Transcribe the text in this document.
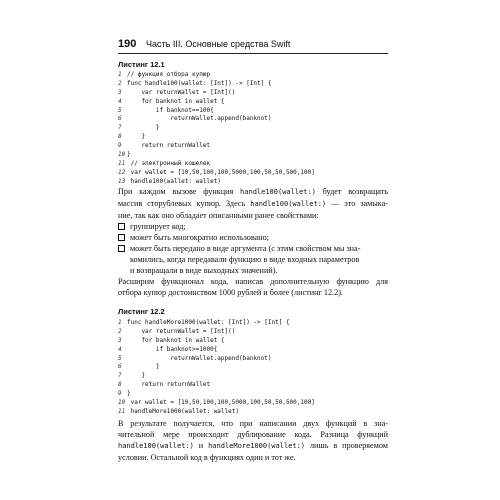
190 Часть III. Основные средства Swift
Листинг 12.1
1 // функция отбора купюр
2 func handle100(wallet: [Int]) -> [Int] {
3    var returnWallet = [Int]()
4    for banknot in wallet {
5        if banknot==100{
6            returnWallet.append(banknot)
7        }
8    }
9    return returnWallet
10 }
11 // электронный кошелек
12 var wallet = [10,50,100,100,5000,100,50,50,500,100]
13 handle100(wallet: wallet)
При каждом вызове функция handle100(wallet:) будет возвращать
массив сторублевых купюр. Здесь handle100(wallet:) — это замыка-
ние, так как оно обладает описанными ранее свойствами:
группирует код;
может быть многократно использовано;
может быть передано в виде аргумента (с этим свойством мы зна-
комились, когда передавали функцию в виде входных параметров
и возвращали в виде выходных значений).
Расширим функционал кода, написав дополнительную функцию для
отбора купюр достоинством 1000 рублей и более (листинг 12.2).
Листинг 12.2
1 func handleMore1000(wallet: [Int]) -> [Int] {
2    var returnWallet = [Int]()
3    for banknot in wallet {
4        if banknot>=1000{
5            returnWallet.append(banknot)
6        }
7    }
8    return returnWallet
9 }
10 var wallet = [10,50,100,100,5000,100,50,50,500,100]
11 handleMore1000(wallet: wallet)
В результате получается, что при написании двух функций в зна-
чительной мере происходит дублирование кода. Разница функций
handle100(wallet:) и handleMore1000(wallet:) лишь в проверяемом
условии. Остальной код в функциях один и тот же.
